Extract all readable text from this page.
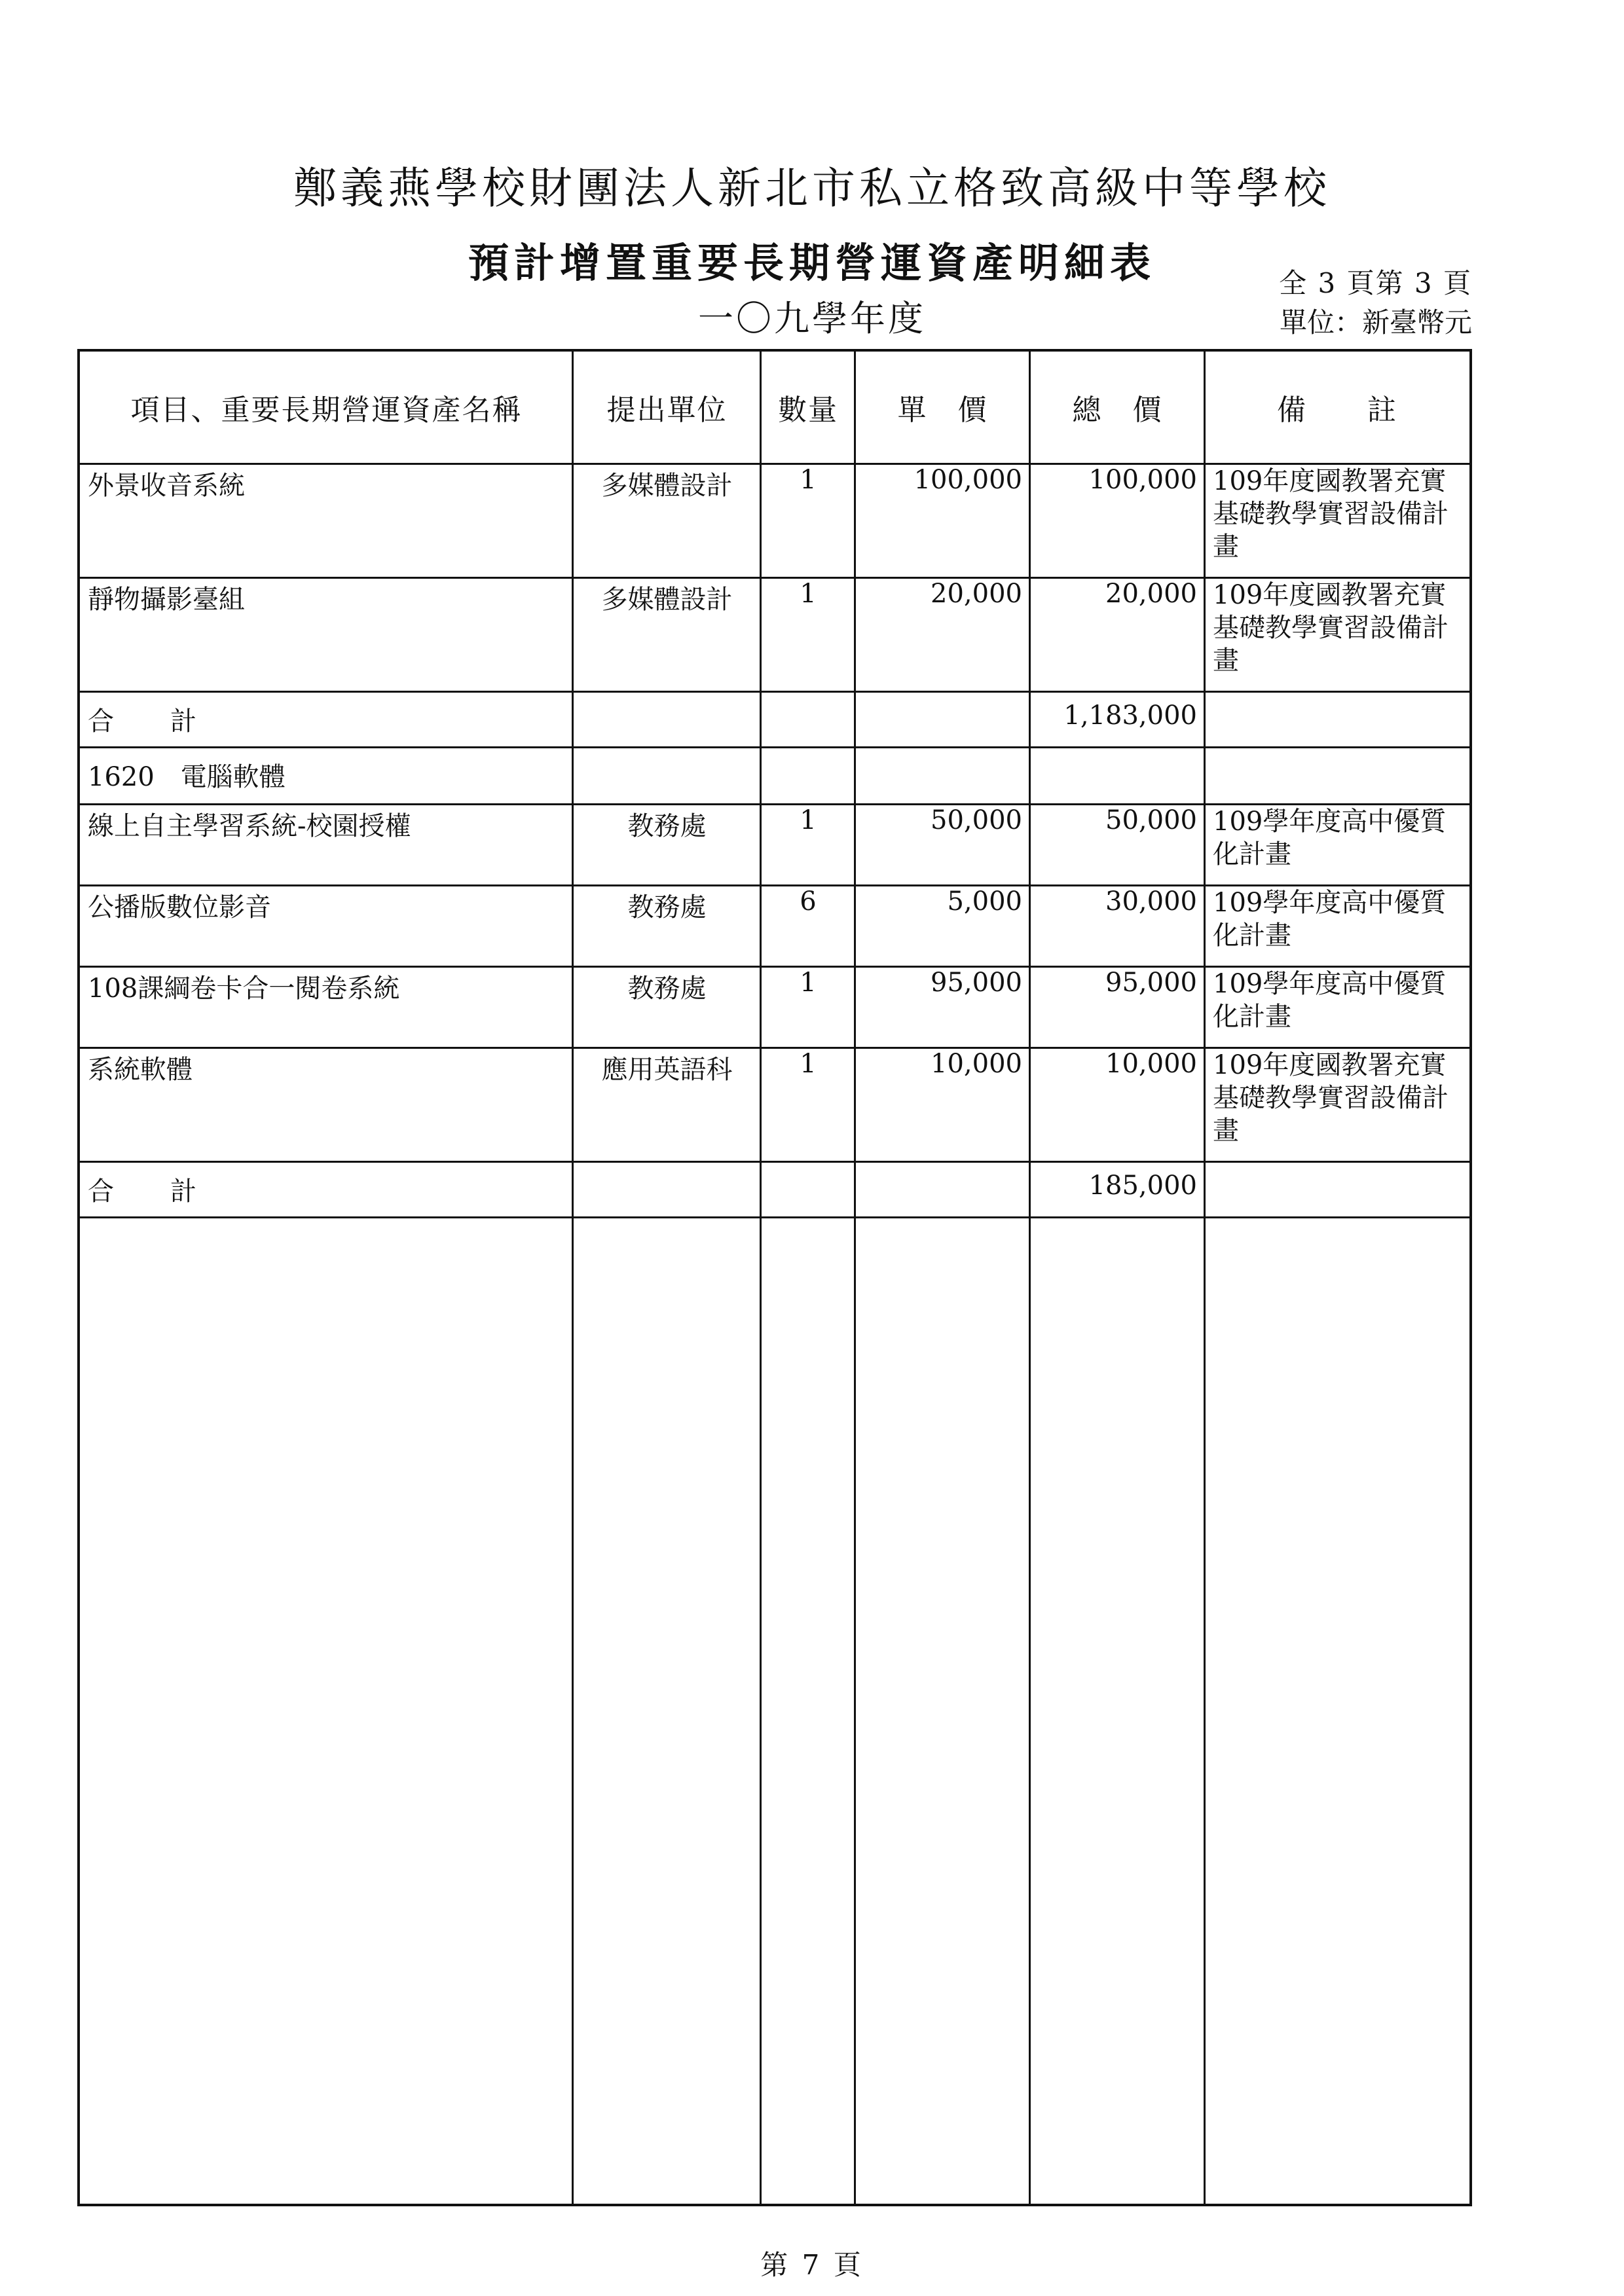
鄭義燕學校財團法人新北市私立格致高級中等學校
預計增置重要長期營運資產明細表
一〇九學年度
全 3 頁第 3 頁
單位：新臺幣元
項目、重要長期營運資產名稱	提出單位	數量	單　價	總　價	備　　註
外景收音系統	多媒體設計	1	100,000	100,000	109年度國教署充實基礎教學實習設備計畫
靜物攝影臺組	多媒體設計	1	20,000	20,000	109年度國教署充實基礎教學實習設備計畫
合　　計				1,183,000	
1620　電腦軟體					
線上自主學習系統-校園授權	教務處	1	50,000	50,000	109學年度高中優質化計畫
公播版數位影音	教務處	6	5,000	30,000	109學年度高中優質化計畫
108課綱卷卡合一閱卷系統	教務處	1	95,000	95,000	109學年度高中優質化計畫
系統軟體	應用英語科	1	10,000	10,000	109年度國教署充實基礎教學實習設備計畫
合　　計				185,000	
第 7 頁
